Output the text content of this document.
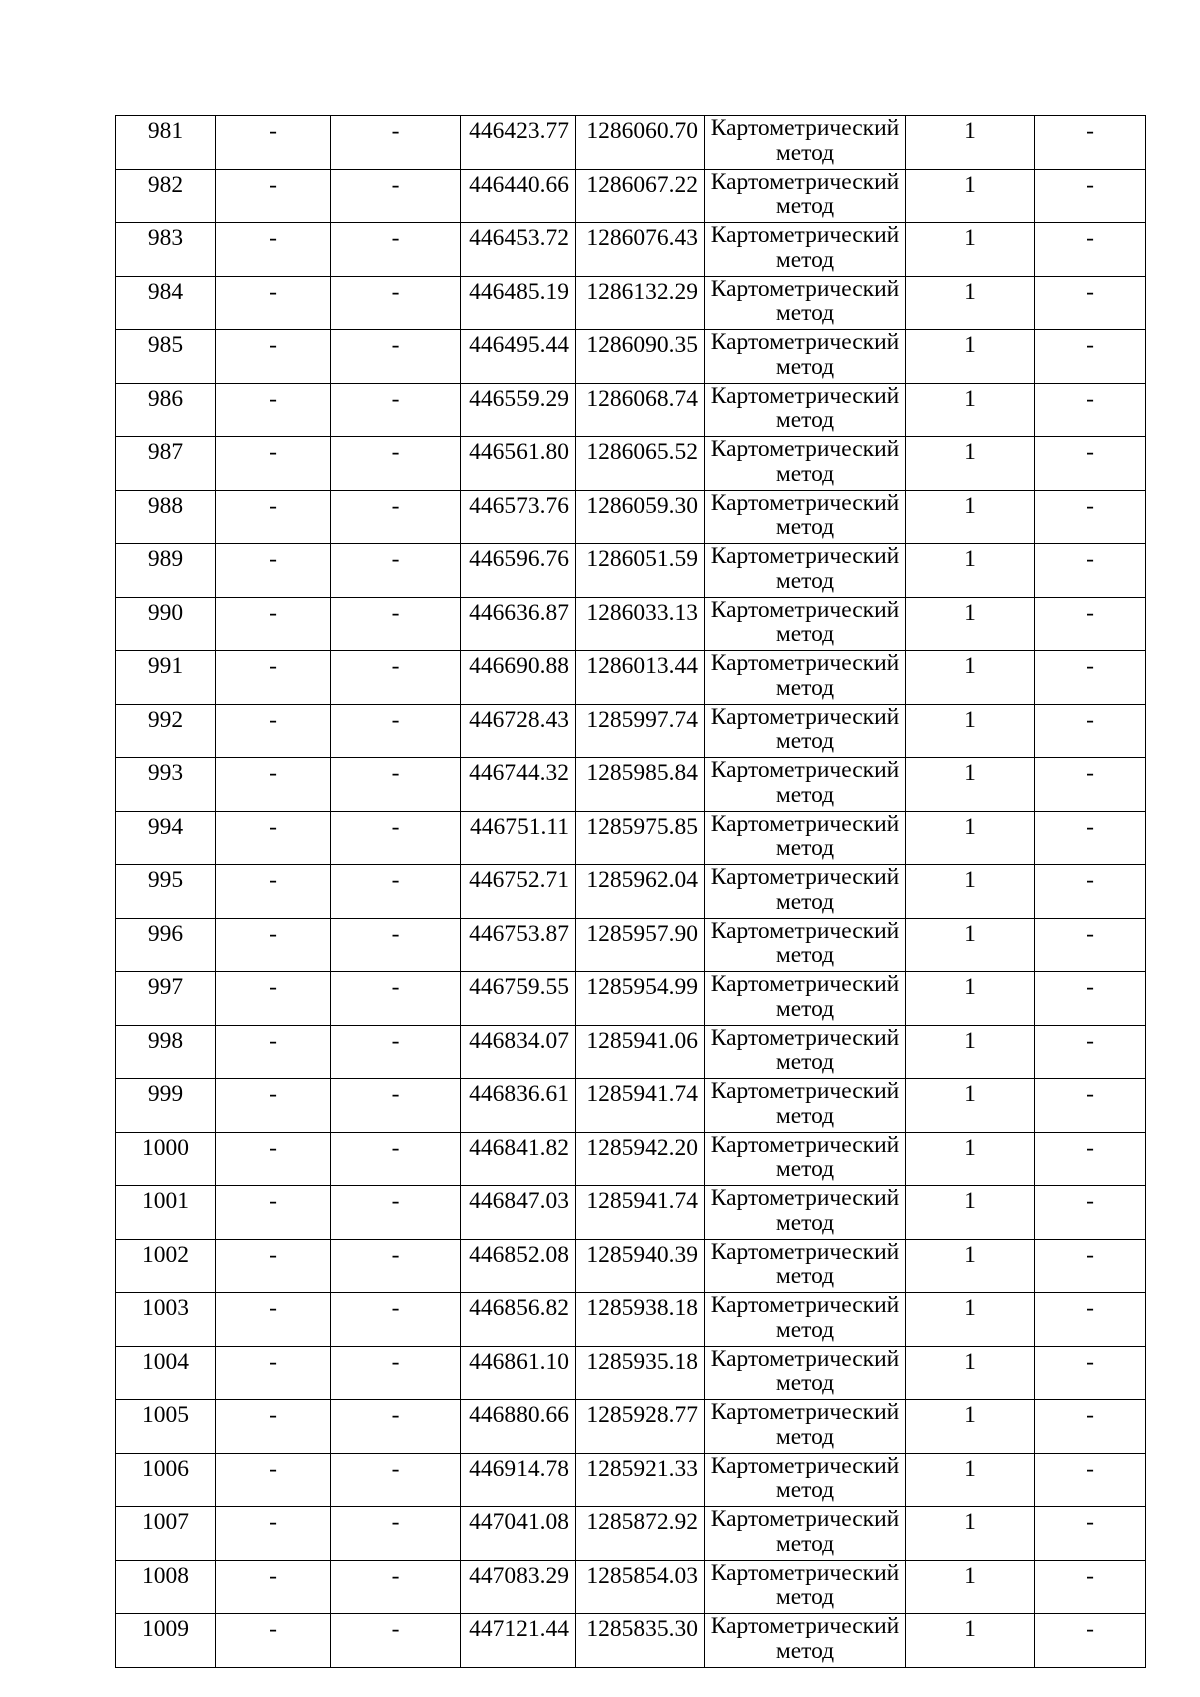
981	-	-	446423.77	1286060.70	Картометрический метод	1	-
982	-	-	446440.66	1286067.22	Картометрический метод	1	-
983	-	-	446453.72	1286076.43	Картометрический метод	1	-
984	-	-	446485.19	1286132.29	Картометрический метод	1	-
985	-	-	446495.44	1286090.35	Картометрический метод	1	-
986	-	-	446559.29	1286068.74	Картометрический метод	1	-
987	-	-	446561.80	1286065.52	Картометрический метод	1	-
988	-	-	446573.76	1286059.30	Картометрический метод	1	-
989	-	-	446596.76	1286051.59	Картометрический метод	1	-
990	-	-	446636.87	1286033.13	Картометрический метод	1	-
991	-	-	446690.88	1286013.44	Картометрический метод	1	-
992	-	-	446728.43	1285997.74	Картометрический метод	1	-
993	-	-	446744.32	1285985.84	Картометрический метод	1	-
994	-	-	446751.11	1285975.85	Картометрический метод	1	-
995	-	-	446752.71	1285962.04	Картометрический метод	1	-
996	-	-	446753.87	1285957.90	Картометрический метод	1	-
997	-	-	446759.55	1285954.99	Картометрический метод	1	-
998	-	-	446834.07	1285941.06	Картометрический метод	1	-
999	-	-	446836.61	1285941.74	Картометрический метод	1	-
1000	-	-	446841.82	1285942.20	Картометрический метод	1	-
1001	-	-	446847.03	1285941.74	Картометрический метод	1	-
1002	-	-	446852.08	1285940.39	Картометрический метод	1	-
1003	-	-	446856.82	1285938.18	Картометрический метод	1	-
1004	-	-	446861.10	1285935.18	Картометрический метод	1	-
1005	-	-	446880.66	1285928.77	Картометрический метод	1	-
1006	-	-	446914.78	1285921.33	Картометрический метод	1	-
1007	-	-	447041.08	1285872.92	Картометрический метод	1	-
1008	-	-	447083.29	1285854.03	Картометрический метод	1	-
1009	-	-	447121.44	1285835.30	Картометрический метод	1	-
